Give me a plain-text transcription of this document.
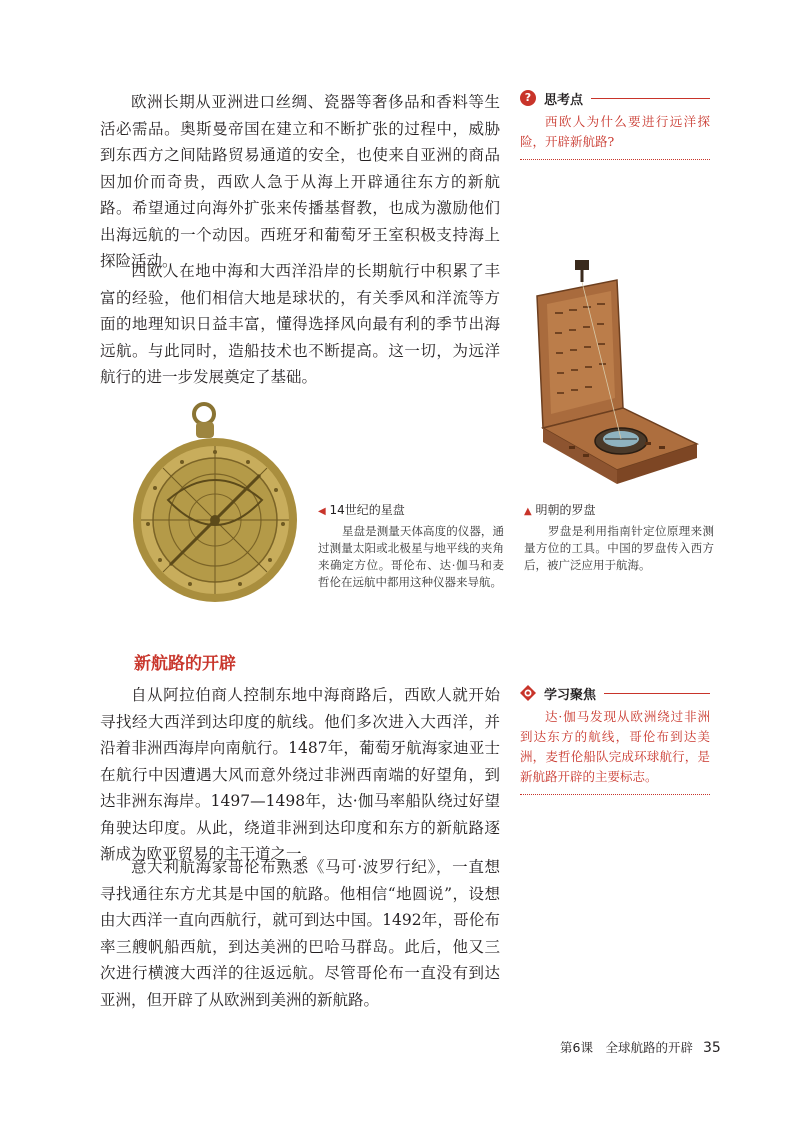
欧洲长期从亚洲进口丝绸、瓷器等奢侈品和香料等生活必需品。奥斯曼帝国在建立和不断扩张的过程中，威胁到东西方之间陆路贸易通道的安全，也使来自亚洲的商品因加价而奇贵，西欧人急于从海上开辟通往东方的新航路。希望通过向海外扩张来传播基督教，也成为激励他们出海远航的一个动因。西班牙和葡萄牙王室积极支持海上探险活动。

西欧人在地中海和大西洋沿岸的长期航行中积累了丰富的经验，他们相信大地是球状的，有关季风和洋流等方面的地理知识日益丰富，懂得选择风向最有利的季节出海远航。与此同时，造船技术也不断提高。这一切，为远洋航行的进一步发展奠定了基础。

? 思考点
西欧人为什么要进行远洋探险，开辟新航路?
◀ 14世纪的星盘
星盘是测量天体高度的仪器，通过测量太阳或北极星与地平线的夹角来确定方位。哥伦布、达·伽马和麦哲伦在远航中都用这种仪器来导航。
▲ 明朝的罗盘
罗盘是利用指南针定位原理来测量方位的工具。中国的罗盘传入西方后，被广泛应用于航海。
新航路的开辟

自从阿拉伯商人控制东地中海商路后，西欧人就开始寻找经大西洋到达印度的航线。他们多次进入大西洋，并沿着非洲西海岸向南航行。1487年，葡萄牙航海家迪亚士在航行中因遭遇大风而意外绕过非洲西南端的好望角，到达非洲东海岸。1497—1498年，达·伽马率船队绕过好望角驶达印度。从此，绕道非洲到达印度和东方的新航路逐渐成为欧亚贸易的主干道之一。

意大利航海家哥伦布熟悉《马可·波罗行纪》，一直想寻找通往东方尤其是中国的航路。他相信“地圆说”，设想由大西洋一直向西航行，就可到达中国。1492年，哥伦布率三艘帆船西航，到达美洲的巴哈马群岛。此后，他又三次进行横渡大西洋的往返远航。尽管哥伦布一直没有到达亚洲，但开辟了从欧洲到美洲的新航路。

学习聚焦
达·伽马发现从欧洲绕过非洲到达东方的航线，哥伦布到达美洲，麦哲伦船队完成环球航行，是新航路开辟的主要标志。
第6课　全球航路的开辟 35
